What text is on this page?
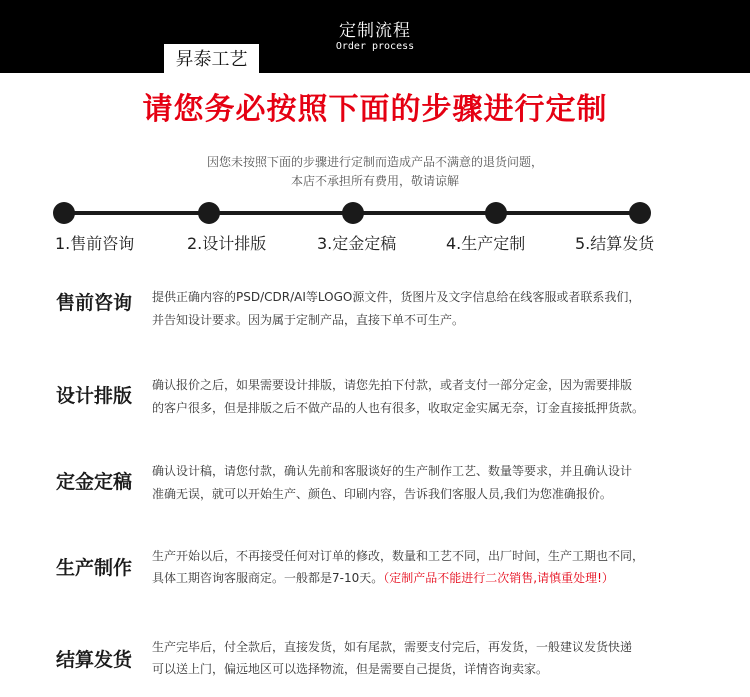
定制流程
Order process
昇泰工艺
请您务必按照下面的步骤进行定制
因您未按照下面的步骤进行定制而造成产品不满意的退货问题，
本店不承担所有费用，敬请谅解
1.售前咨询	2.设计排版	3.定金定稿	4.生产定制	5.结算发货
售前咨询 提供正确内容的PSD/CDR/AI等LOGO源文件，货图片及文字信息给在线客服或者联系我们，
并告知设计要求。因为属于定制产品，直接下单不可生产。
设计排版 确认报价之后，如果需要设计排版，请您先拍下付款，或者支付一部分定金，因为需要排版
的客户很多，但是排版之后不做产品的人也有很多，收取定金实属无奈，订金直接抵押货款。
定金定稿 确认设计稿，请您付款，确认先前和客服谈好的生产制作工艺、数量等要求，并且确认设计
准确无误，就可以开始生产、颜色、印刷内容，告诉我们客服人员,我们为您准确报价。
生产制作
生产开始以后，不再接受任何对订单的修改，数量和工艺不同，出厂时间，生产工期也不同，
具体工期咨询客服商定。一般都是7-10天。（定制产品不能进行二次销售,请慎重处理!）
结算发货
生产完毕后，付全款后，直接发货，如有尾款，需要支付完后，再发货，一般建议发货快递
可以送上门，偏远地区可以选择物流，但是需要自己提货，详情咨询卖家。
